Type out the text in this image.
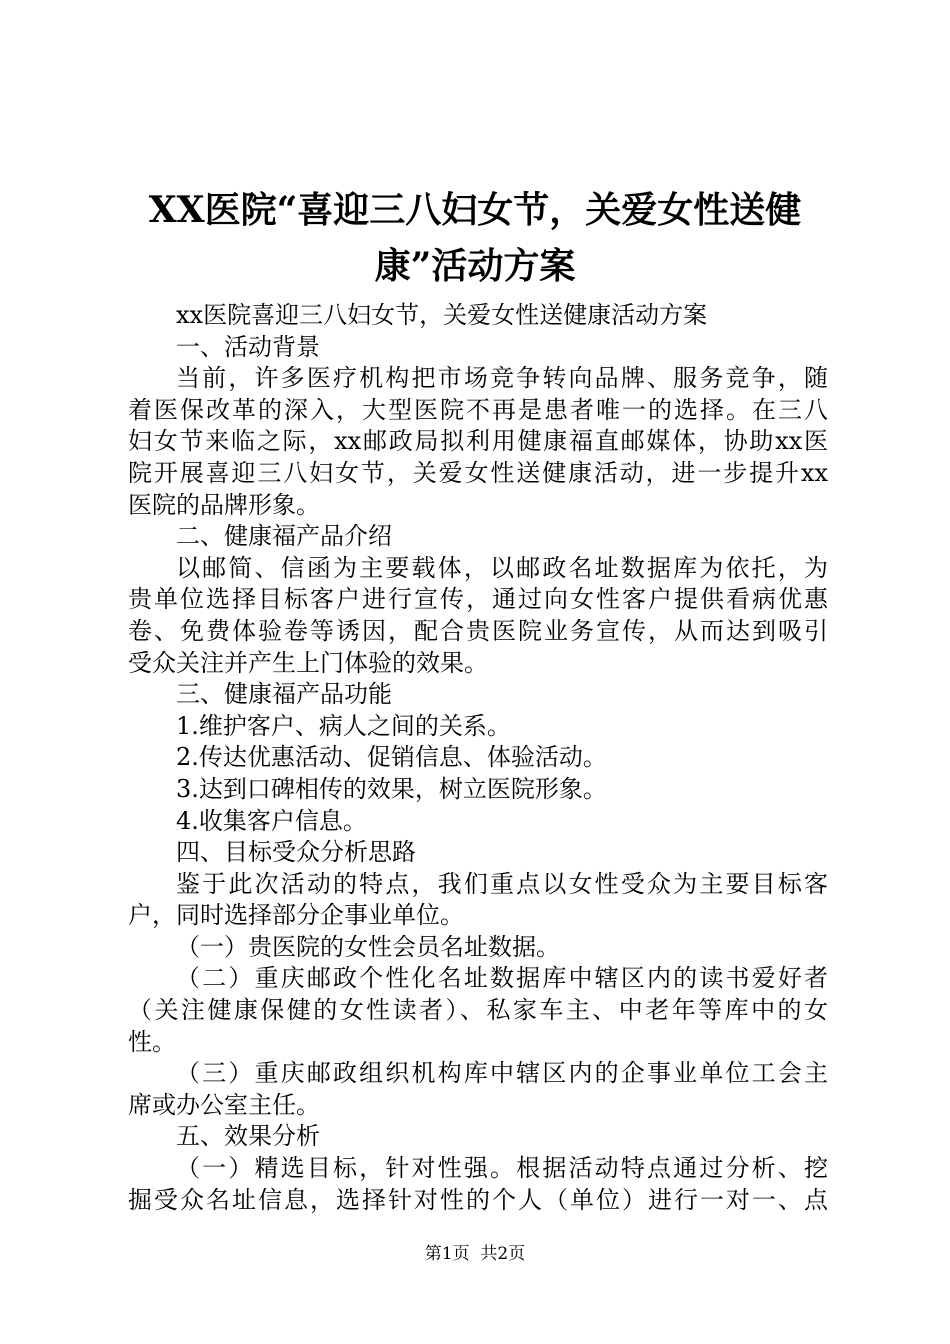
XX医院“喜迎三八妇女节，关爱女性送健
康”活动方案
xx医院喜迎三八妇女节，关爱女性送健康活动方案
一、活动背景
当前，许多医疗机构把市场竞争转向品牌、服务竞争，随
着医保改革的深入，大型医院不再是患者唯一的选择。在三八
妇女节来临之际，xx邮政局拟利用健康福直邮媒体，协助xx医
院开展喜迎三八妇女节，关爱女性送健康活动，进一步提升xx
医院的品牌形象。
二、健康福产品介绍
以邮简、信函为主要载体，以邮政名址数据库为依托，为
贵单位选择目标客户进行宣传，通过向女性客户提供看病优惠
卷、免费体验卷等诱因，配合贵医院业务宣传，从而达到吸引
受众关注并产生上门体验的效果。
三、健康福产品功能
1.维护客户、病人之间的关系。
2.传达优惠活动、促销信息、体验活动。
3.达到口碑相传的效果，树立医院形象。
4.收集客户信息。
四、目标受众分析思路
鉴于此次活动的特点，我们重点以女性受众为主要目标客
户，同时选择部分企事业单位。
（一）贵医院的女性会员名址数据。
（二）重庆邮政个性化名址数据库中辖区内的读书爱好者
（关注健康保健的女性读者）、私家车主、中老年等库中的女
性。
（三）重庆邮政组织机构库中辖区内的企事业单位工会主
席或办公室主任。
五、效果分析
（一）精选目标，针对性强。根据活动特点通过分析、挖
掘受众名址信息，选择针对性的个人（单位）进行一对一、点
第1页  共2页
